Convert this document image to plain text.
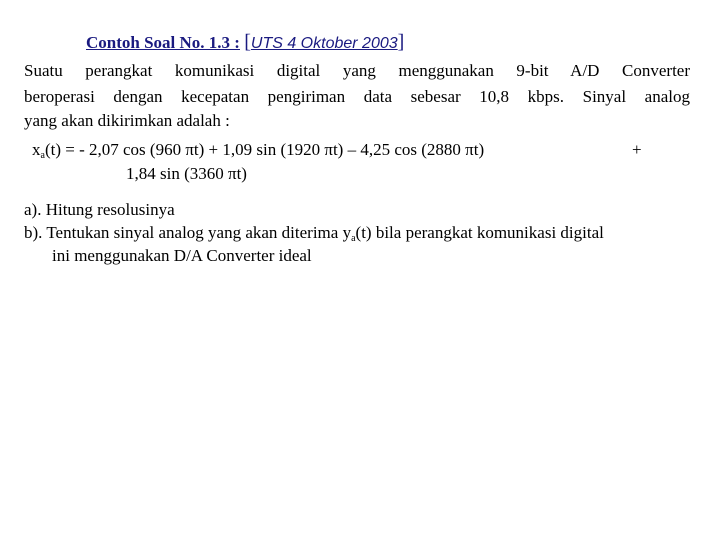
Contoh Soal No. 1.3 : [UTS 4 Oktober 2003]
Suatu perangkat komunikasi digital yang menggunakan 9-bit A/D Converter
beroperasi dengan kecepatan pengiriman data sebesar 10,8 kbps. Sinyal analog
yang akan dikirimkan adalah :
$x_a(t)$ = - 2,07 cos (960 πt) + 1,09 sin (1920 πt) – 4,25 cos (2880 πt)	+
1,84 sin (3360 πt)
a). Hitung resolusinya
b). Tentukan sinyal analog yang akan diterima $y_a(t)$ bila perangkat komunikasi digital
ini menggunakan D/A Converter ideal
